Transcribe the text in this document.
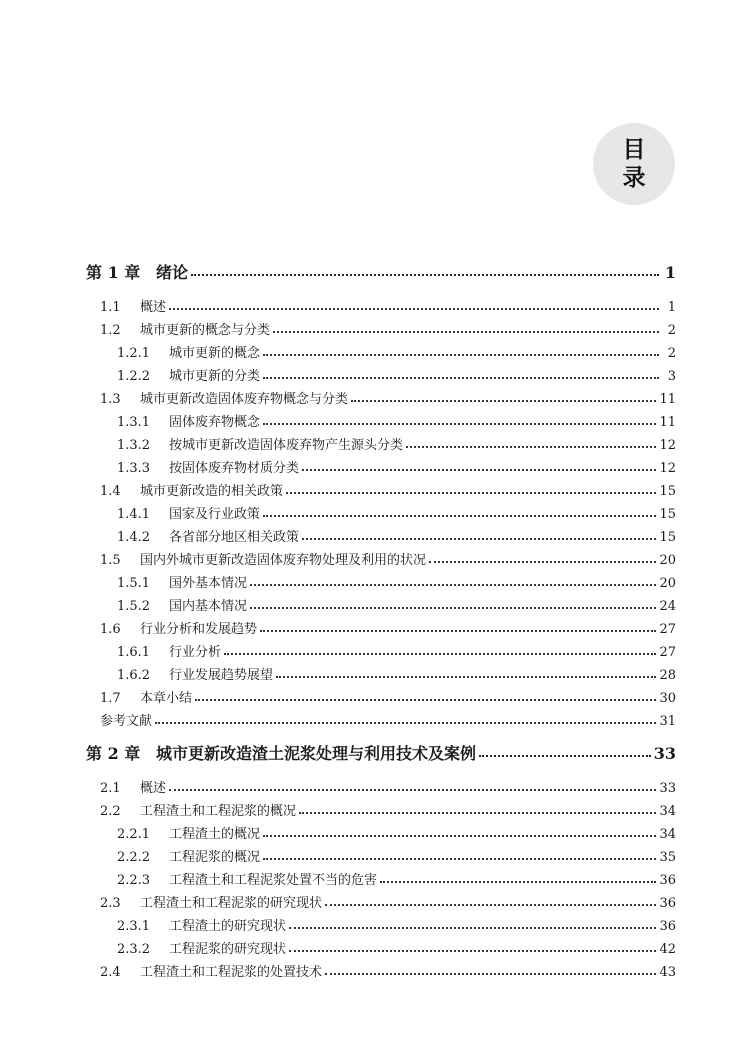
目
录
第 1 章 绪论	1
1.1	概述	1
1.2	城市更新的概念与分类	2
1.2.1	城市更新的概念	2
1.2.2	城市更新的分类	3
1.3	城市更新改造固体废弃物概念与分类	11
1.3.1	固体废弃物概念	11
1.3.2	按城市更新改造固体废弃物产生源头分类	12
1.3.3	按固体废弃物材质分类	12
1.4	城市更新改造的相关政策	15
1.4.1	国家及行业政策	15
1.4.2	各省部分地区相关政策	15
1.5	国内外城市更新改造固体废弃物处理及利用的状况	20
1.5.1	国外基本情况	20
1.5.2	国内基本情况	24
1.6	行业分析和发展趋势	27
1.6.1	行业分析	27
1.6.2	行业发展趋势展望	28
1.7	本章小结	30
参考文献	31
第 2 章 城市更新改造渣土泥浆处理与利用技术及案例	33
2.1	概述	33
2.2	工程渣土和工程泥浆的概况	34
2.2.1	工程渣土的概况	34
2.2.2	工程泥浆的概况	35
2.2.3	工程渣土和工程泥浆处置不当的危害	36
2.3	工程渣土和工程泥浆的研究现状	36
2.3.1	工程渣土的研究现状	36
2.3.2	工程泥浆的研究现状	42
2.4	工程渣土和工程泥浆的处置技术	43
